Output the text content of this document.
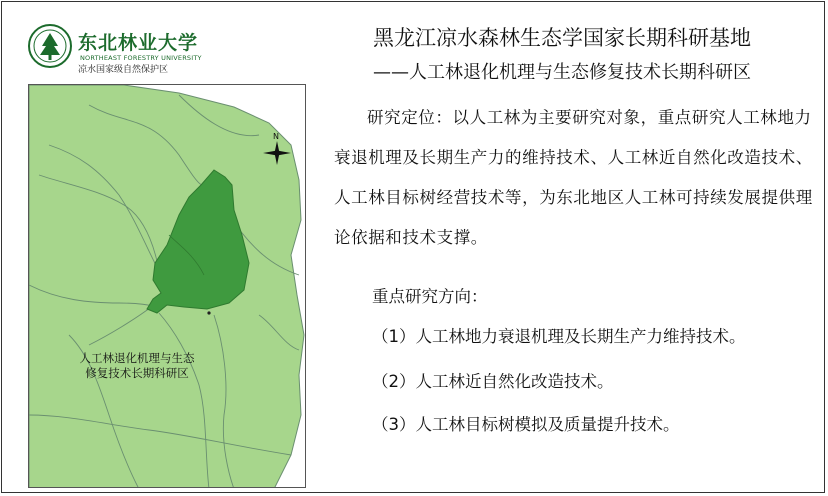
东北林业大学
NORTHEAST FORESTRY UNIVERSITY
凉水国家级自然保护区
黑龙江凉水森林生态学国家长期科研基地
——人工林退化机理与生态修复技术长期科研区
N
人工林退化机理与生态
修复技术长期科研区
研究定位：以人工林为主要研究对象，重点研究人工林地力衰退机理及长期生产力的维持技术、人工林近自然化改造技术、人工林目标树经营技术等，为东北地区人工林可持续发展提供理论依据和技术支撑。
重点研究方向：
（1）人工林地力衰退机理及长期生产力维持技术。
（2）人工林近自然化改造技术。
（3）人工林目标树模拟及质量提升技术。
